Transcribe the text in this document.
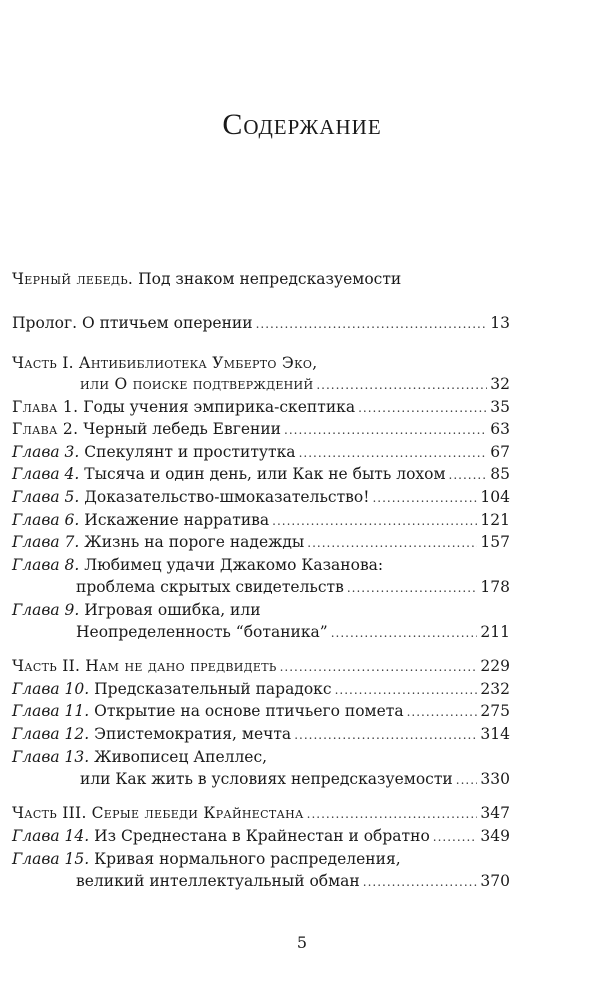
Содержание
Черный лебедь. Под знаком непредсказуемости
Пролог.
О птичьем оперении .....	13
Часть I.
Антибиблиотека Умберто Эко,
или О поиске подтверждений .....	32
Глава 1.
Годы учения эмпирика-скептика .....	35
Глава 2.
Черный лебедь Евгении .....	63
Глава 3.
Спекулянт и проститутка .....	67
Глава 4.
Тысяча и один день, или Как не быть лохом .....	85
Глава 5.
Доказательство-шмоказательство! .....	104
Глава 6.
Искажение нарратива .....	121
Глава 7.
Жизнь на пороге надежды .....	157
Глава 8.
Любимец удачи Джакомо Казанова:
проблема скрытых свидетельств .....	178
Глава 9.
Игровая ошибка, или
Неопределенность “ботаника” .....	211
Часть II.
Нам не дано предвидеть .....	229
Глава 10.
Предсказательный парадокс .....	232
Глава 11.
Открытие на основе птичьего помета .....	275
Глава 12.
Эпистемократия, мечта .....	314
Глава 13.
Живописец Апеллес,
или Как жить в условиях непредсказуемости ..... 330
Часть III.
Серые лебеди Крайнестана .....	347
Глава 14.
Из Среднестана в Крайнестан и обратно .....	349
Глава 15.
Кривая нормального распределения,
великий интеллектуальный обман .....	370
5
